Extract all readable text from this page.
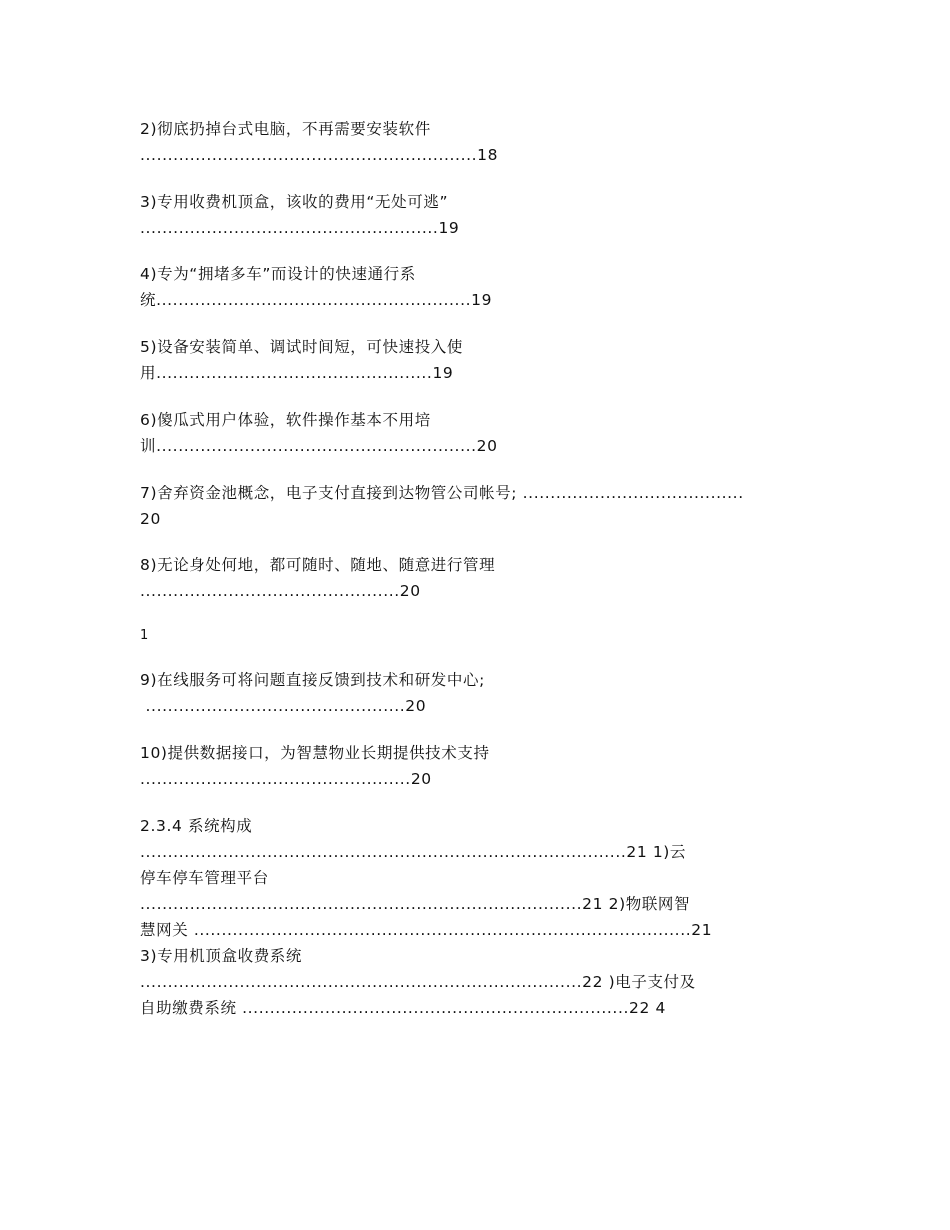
2)彻底扔掉台式电脑，不再需要安装软件
.............................................................18
3)专用收费机顶盒，该收的费用“无处可逃”
......................................................19
4)专为“拥堵多车”而设计的快速通行系
统.........................................................19
5)设备安装简单、调试时间短，可快速投入使
用..................................................19
6)傻瓜式用户体验，软件操作基本不用培
训..........................................................20
7)舍弃资金池概念，电子支付直接到达物管公司帐号; ........................................
20
8)无论身处何地，都可随时、随地、随意进行管理
...............................................20
1
9)在线服务可将问题直接反馈到技术和研发中心;
...............................................20
10)提供数据接口，为智慧物业长期提供技术支持
.................................................20
2.3.4 系统构成
........................................................................................21 1)云
停车停车管理平台
................................................................................21 2)物联网智
慧网关 ..........................................................................................21
3)专用机顶盒收费系统
................................................................................22 )电子支付及
自助缴费系统 ......................................................................22 4
